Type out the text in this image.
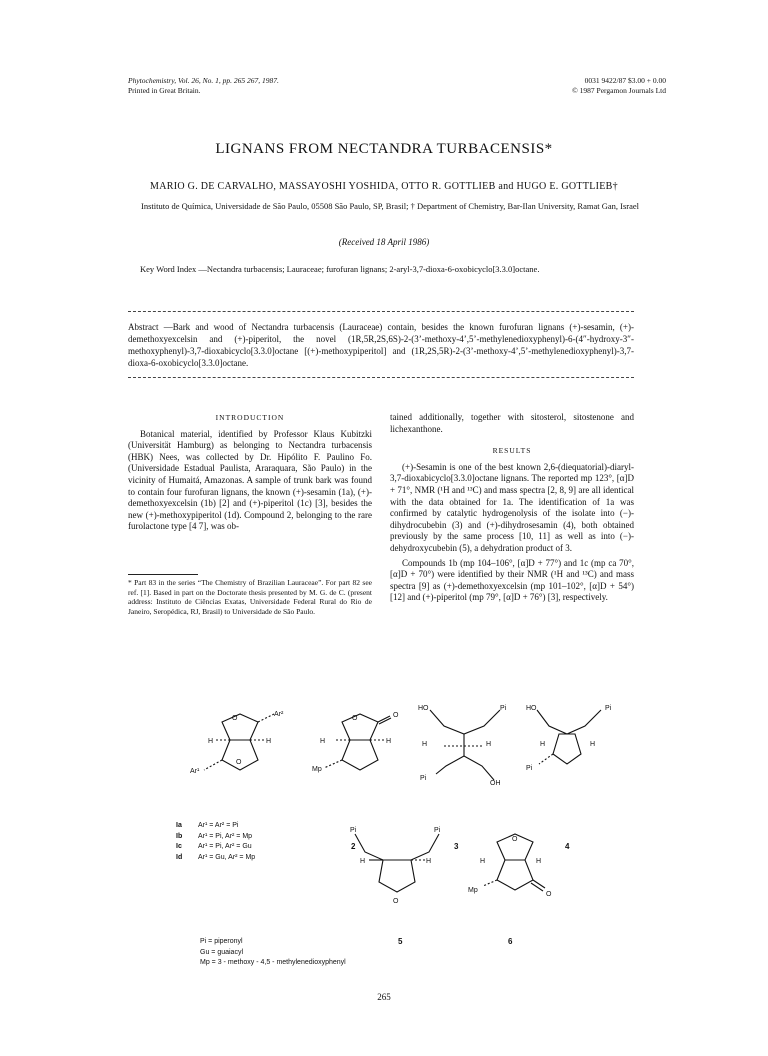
Phytochemistry, Vol. 26, No. 1, pp. 265 267, 1987.
Printed in Great Britain.
0031 9422/87 $3.00 + 0.00
© 1987 Pergamon Journals Ltd
LIGNANS FROM NECTANDRA TURBACENSIS*
MARIO G. DE CARVALHO, MASSAYOSHI YOSHIDA, OTTO R. GOTTLIEB and HUGO E. GOTTLIEB†
Instituto de Química, Universidade de São Paulo, 05508 São Paulo, SP, Brasil; † Department of Chemistry, Bar-Ilan University, Ramat Gan, Israel
(Received 18 April 1986)
Key Word Index —Nectandra turbacensis; Lauraceae; furofuran lignans; 2-aryl-3,7-dioxa-6-oxobicyclo[3.3.0]octane.
Abstract —Bark and wood of Nectandra turbacensis (Lauraceae) contain, besides the known furofuran lignans (+)-sesamin, (+)-demethoxyexcelsin and (+)-piperitol, the novel (1R,5R,2S,6S)-2-(3’-methoxy-4’,5’-methylenedioxyphenyl)-6-(4″-hydroxy-3″-methoxyphenyl)-3,7-dioxabicyclo[3.3.0]octane [(+)-methoxypiperitol] and (1R,2S,5R)-2-(3’-methoxy-4’,5’-methylenedioxyphenyl)-3,7-dioxa-6-oxobicyclo[3.3.0]octane.
INTRODUCTION

Botanical material, identified by Professor Klaus Kubitzki (Universität Hamburg) as belonging to Nectandra turbacensis (HBK) Nees, was collected by Dr. Hipólito F. Paulino Fo. (Universidade Estadual Paulista, Araraquara, São Paulo) in the vicinity of Humaitá, Amazonas. A sample of trunk bark was found to contain four furofuran lignans, the known (+)-sesamin (1a), (+)-demethoxyexcelsin (1b) [2] and (+)-piperitol (1c) [3], besides the new (+)-methoxypiperitol (1d). Compound 2, belonging to the rare furolactone type [4 7], was ob-

* Part 83 in the series “The Chemistry of Brazilian Lauraceae”. For part 82 see ref. [1]. Based in part on the Doctorate thesis presented by M. G. de C. (present address: Instituto de Ciências Exatas, Universidade Federal Rural do Rio de Janeiro, Seropédica, RJ, Brasil) to Universidade de São Paulo.

tained additionally, together with sitosterol, sitostenone and lichexanthone.

RESULTS

(+)-Sesamin is one of the best known 2,6-(diequatorial)-diaryl-3,7-dioxabicyclo[3.3.0]octane lignans. The reported mp 123°, [α]D + 71°, NMR (¹H and ¹³C) and mass spectra [2, 8, 9] are all identical with the data obtained for 1a. The identification of 1a was confirmed by catalytic hydrogenolysis of the isolate into (−)-dihydrocubebin (3) and (+)-dihydrosesamin (4), both obtained previously by the same process [10, 11] as well as into (−)-dehydroxycubebin (5), a dehydration product of 3.

Compounds 1b (mp 104–106°, [α]D + 77°) and 1c (mp ca 70°, [α]D + 70°) were identified by their NMR (¹H and ¹³C) and mass spectra [9] as (+)-demethoxyexcelsin (mp 101–102°, [α]D + 54°) [12] and (+)-piperitol (mp 79°, [α]D + 76°) [3], respectively.

O
Ar²
H	H
Ar¹
O
O	O
H	H
Mp
HO	Pi
H	H
Pi
OH
HO	Pi
H	H
Pi
Pi	Pi
H	H
O
O
H	H
Mp
O
2	3	4
5	6
Ia Ar¹ = Ar² = Pi
Ib Ar¹ = Pi, Ar² = Mp
Ic Ar¹ = Pi, Ar² = Gu
Id Ar¹ = Gu, Ar² = Mp
Pi = piperonyl
Gu = guaiacyl
Mp = 3 - methoxy - 4,5 - methylenedioxyphenyl
265
